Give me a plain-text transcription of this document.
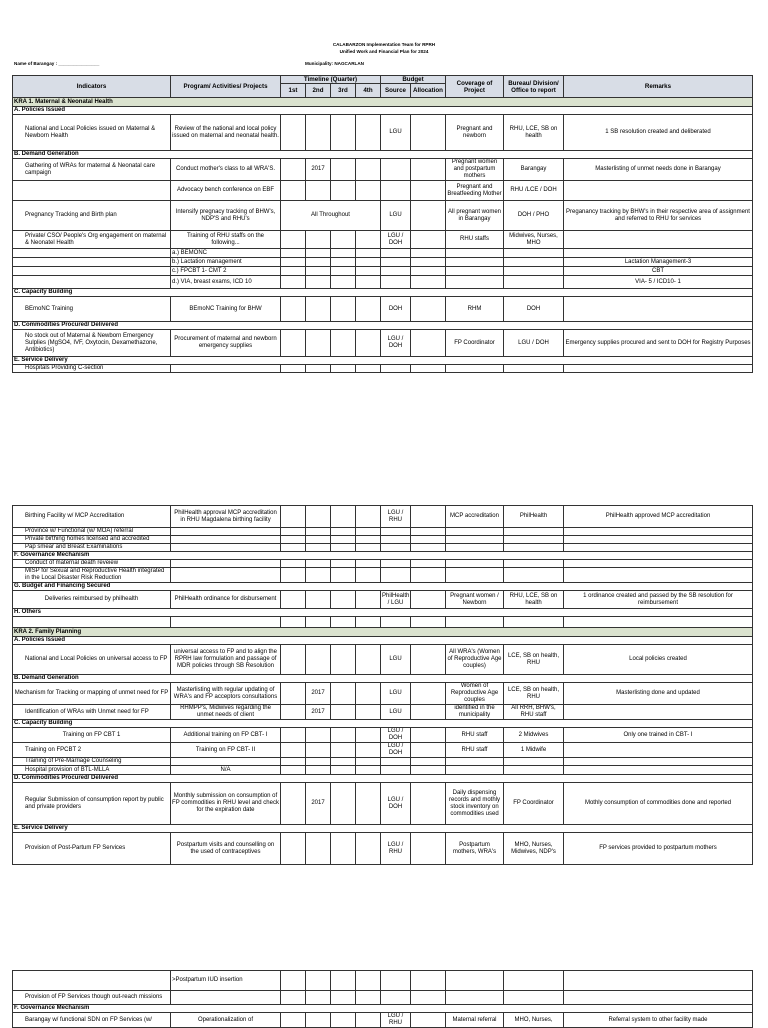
CALABARZON Implementation Team for RPRH
Unified Work and Financial Plan for 2024
Name of Barangay : ________________	Municipality: NAGCARLAN
Indicators	Program/ Activities/ Projects	Timeline (Quarter)				Budget		Coverage of Project	Bureau/ Division/ Office to report	Remarks
		1st	2nd	3rd	4th	Source	Allocation			
KRA 1. Maternal & Neonatal Health										
A. Policies Issued										
National and Local Policies issued on Maternal & Newborn Health	Review of the national and local policy issued on maternal and neonatal health.					LGU		Pregnant and newborn	RHU, LCE, SB on health	1 SB resolution created and deliberated
B. Demand Generation										
Gathering of WRAs for maternal & Neonatal care campaign	Conduct mother's class to all WRA'S.		2017					Pregnant women and postpartum mothers	Barangay	Masterlisting of unmet needs done in Barangay
	Advocacy bench conference on EBF							Pregnant and Breatfeeding Mother	RHU /LCE / DOH	
Pregnancy Tracking and Birth plan	Intensify pregnacy tracking of BHW's, NDP'S and RHU's	All Throughout				LGU		All pregnant women in Barangay	DOH / PHO	Preganancy tracking by BHW's in their respective area of assignment and referred to RHU for services
Private/ CSO/ People's Org engagement on maternal & Neonatel Health	Training of RHU staffs on the following...					LGU / DOH		RHU staffs	Midwives, Nurses, MHO	
	a.) BEMONC									
	b.) Lactation management									Lactation Management-3
	c.) FPCBT 1- CMT 2									CBT
	d.) VIA, breast exams, ICD 10									VIA- 5 / ICD10- 1
C. Capacity Building										
BEmoNC Training	BEmoNC Training for BHW					DOH		RHM	DOH	
D. Commodities Procured/ Delivered										
No stock out of Maternal & Newborn Emergency Sulplies (MgSO4, IVF, Oxytocin, Dexamethazone, Antibiotics)	Procurement of maternal and newborn emergency supplies					LGU / DOH		FP Coordinator	LGU / DOH	Emergency supplies procured and sent to DOH for Registry Purposes
E. Service Delivery										
Hospitals Providing C-section										
Birthing Facility w/ MCP Accreditation	PhilHealth approval MCP accreditation in RHU Magdalena birthing facility					LGU / RHU		MCP accreditation	PhilHealth	PhilHealth approved MCP accreditation
Province w/ Functional (w/ MOA) referral										
Private birthing homes licensed and accredited										
Pap smear and Breast Examinations										
F. Governance Mechanism										
Conduct of maternal death reveiew										
MISP for Sexual and Reproductive Health integrated in the Local Disaster Risk Reduction										
G. Budget and Financing Secured										
Deliveries reimbursed by philhealth	PhilHealth ordinance for disbursement					PhilHealth / LGU		Pregnant women / Newborn	RHU, LCE, SB on health	1 ordinance created and passed by the SB resolution for reimbursement
H. Others										

KRA 2. Family Planning										
A. Policies Issued										
National and Local Policies on universal access to FP	universal access to FP and to align the RPRH law formulation and passage of MDR policies through SB Resolution					LGU		All WRA's (Women of Reproductive Age couples)	LCE, SB on health, RHU	Local policies created
B. Demand Generation										
Mechanism for Tracking or mapping of unmet need for FP	Masterlisting with regular updating of WRA's and FP acceptors consultations		2017			LGU		Women of Reproductive Age couples	LCE, SB on health, RHU	Masterlisting done and updated
Identification of WRAs with Unmet need for FP	RHMPP's, Midwives regarding the unmet needs of client		2017			LGU		identified in the municipality	All RRH, BHW's, RHU staff	
C. Capacity Building										
Training on FP CBT 1	Additional training on FP CBT- I					LGU / DOH		RHU staff	2 Midwives	Only one trained in CBT- I
Training on FPCBT 2	Training on FP CBT- II					LGU / DOH		RHU staff	1 Midwife	
Training of Pre-Marriage Counseling										
Hospital provision of BTL-MLLA	N/A									
D. Commodities Procured/ Delivered										
Regular Submission of consumption report by public and private providers	Monthly submission on consumption of FP commodities in RHU level and check for the expiration date		2017			LGU / DOH		Daily dispensing records and mothly stock inventory on commodities used	FP Coordinator	Mothly consumption of commodities done and reported
E. Service Delivery										
Provision of Post-Partum FP Services	Postpartum visits and counselling on the used of contraceptives					LGU / RHU		Postpartum mothers, WRA's	MHO, Nurses, Midwives, NDP's	FP services provided to postpartum mothers
	>Postpartum IUD insertion									
Provision of FP Services though out-reach missions										
F. Governance Mechanism										
Barangay w/ functional SDN on FP Services (w/	Operationalization of					LGU / RHU		Maternal referral	MHO, Nurses,	Referral system to other facility made
